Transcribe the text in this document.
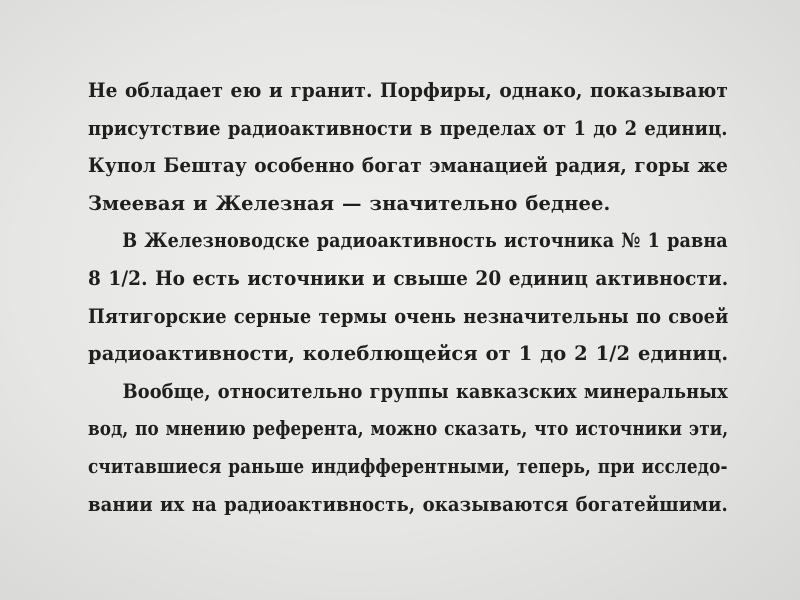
Не обладает ею и гранит. Порфиры, однако, показывают
присутствие радиоактивности в пределах от 1 до 2 единиц.
Купол Бештау особенно богат эманацией радия, горы же
Змеевая и Железная — значительно беднее.
В Железноводске радиоактивность источника № 1 равна
8 1/2. Но есть источники и свыше 20 единиц активности.
Пятигорские серные термы очень незначительны по своей
радиоактивности, колеблющейся от 1 до 2 1/2 единиц.
Вообще, относительно группы кавказских минеральных
вод, по мнению референта, можно сказать, что источники эти,
считавшиеся раньше индифферентными, теперь, при исследо-
вании их на радиоактивность, оказываются богатейшими.
